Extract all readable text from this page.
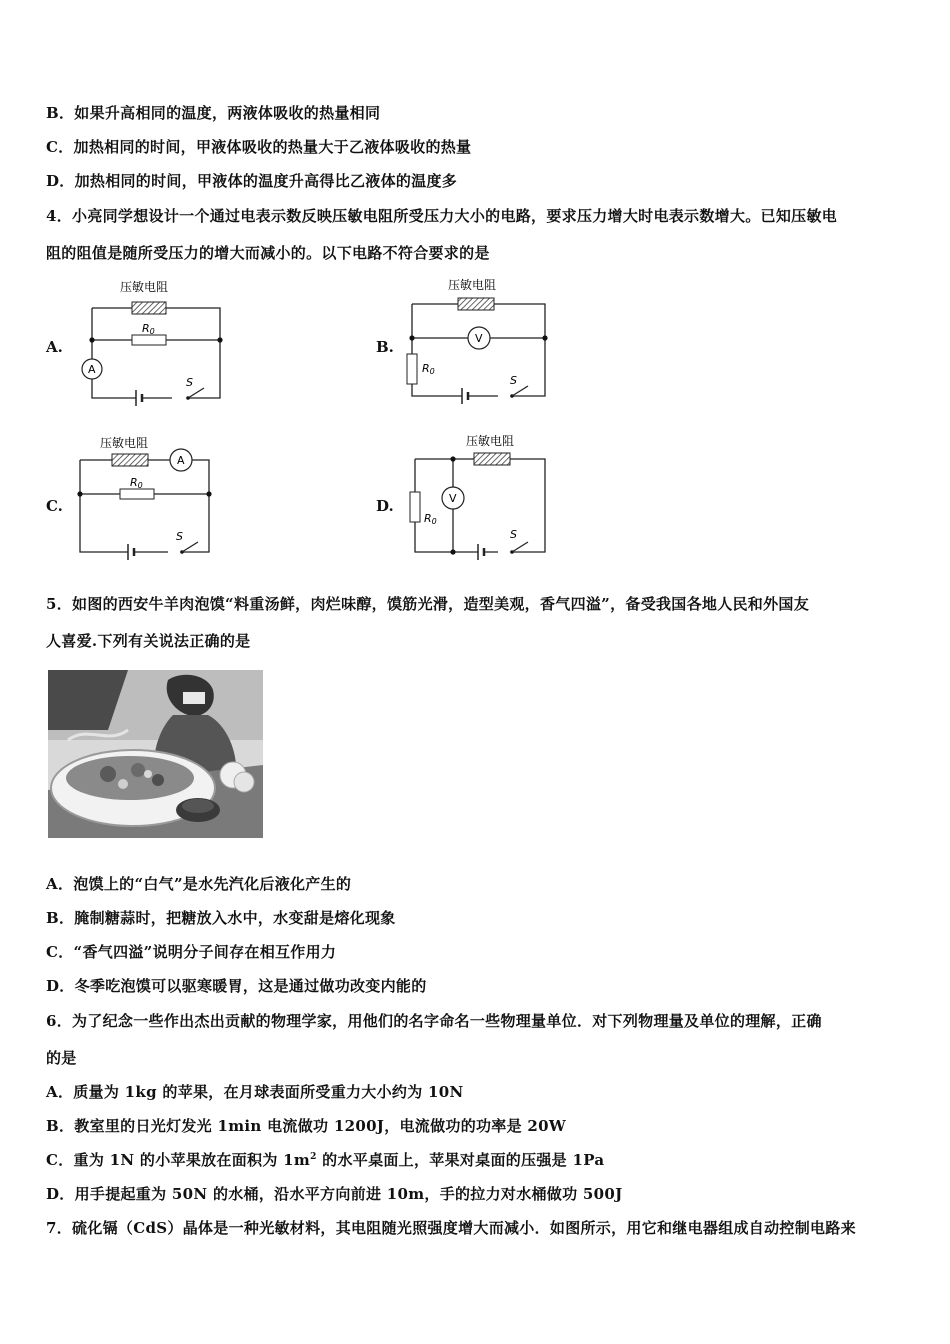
B．如果升高相同的温度，两液体吸收的热量相同
C．加热相同的时间，甲液体吸收的热量大于乙液体吸收的热量
D．加热相同的时间，甲液体的温度升高得比乙液体的温度多
4．小亮同学想设计一个通过电表示数反映压敏电阻所受压力大小的电路，要求压力增大时电表示数增大。已知压敏电
阻的阻值是随所受压力的增大而减小的。以下电路不符合要求的是
A.	B.
C.	D.
压敏电阻
R0
A
S
压敏电阻
V
R0
S
压敏电阻
A
R0
S
压敏电阻
V
R0
S
5．如图的西安牛羊肉泡馍“料重汤鲜，肉烂味醇，馍筋光滑，造型美观，香气四溢”，备受我国各地人民和外国友
人喜爱.下列有关说法正确的是
A．泡馍上的“白气”是水先汽化后液化产生的
B．腌制糖蒜时，把糖放入水中，水变甜是熔化现象
C．“香气四溢”说明分子间存在相互作用力
D．冬季吃泡馍可以驱寒暖胃，这是通过做功改变内能的
6．为了纪念一些作出杰出贡献的物理学家，用他们的名字命名一些物理量单位．对下列物理量及单位的理解，正确
的是
A．质量为 1kg 的苹果，在月球表面所受重力大小约为 10N
B．教室里的日光灯发光 1min 电流做功 1200J，电流做功的功率是 20W
C．重为 1N 的小苹果放在面积为 $1m^2$ 的水平桌面上，苹果对桌面的压强是 1Pa
D．用手提起重为 50N 的水桶，沿水平方向前进 10m，手的拉力对水桶做功 500J
7．硫化镉（CdS）晶体是一种光敏材料，其电阻随光照强度增大而减小．如图所示，用它和继电器组成自动控制电路来
